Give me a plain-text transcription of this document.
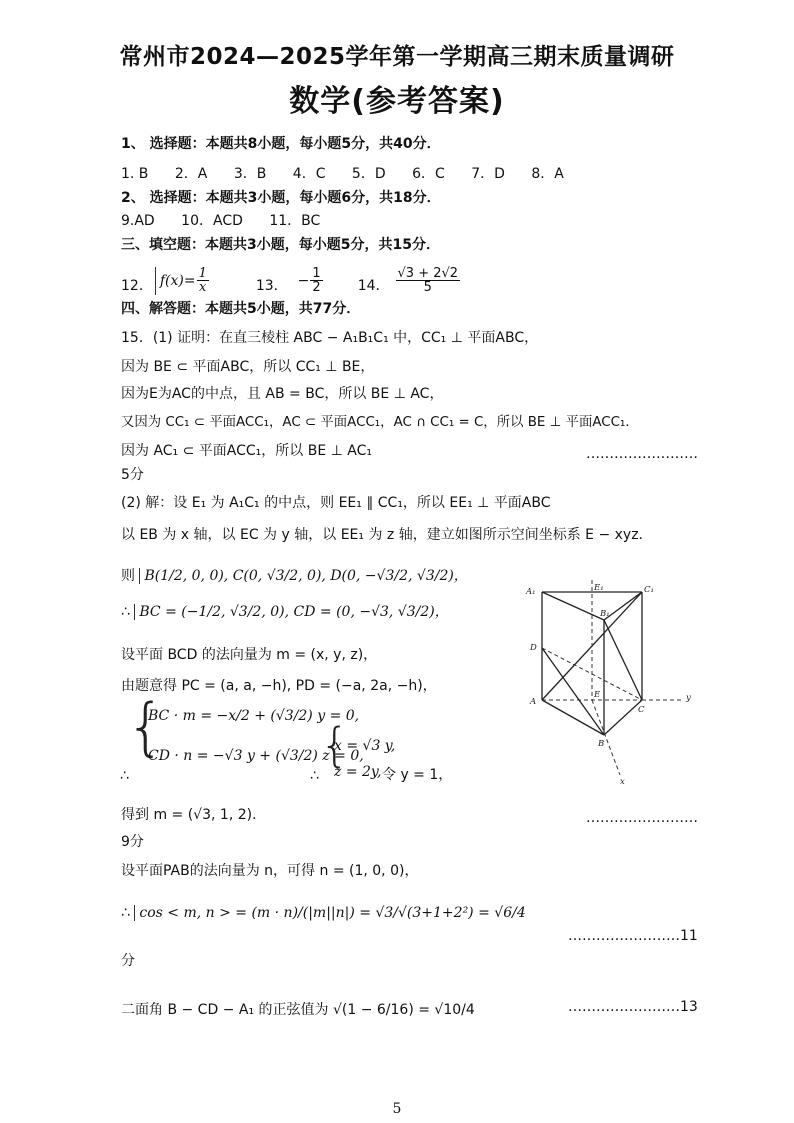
常州市2024—2025学年第一学期高三期末质量调研
数学(参考答案)
1、 选择题：本题共8小题，每小题5分，共40分．
1. B 2．A 3．B 4．C 5．D 6．C 7．D 8．A
2、 选择题：本题共3小题，每小题6分，共18分．
9.AD 10．ACD 11．BC
三、填空题：本题共3小题，每小题5分，共15分．
12． $f(x)= \frac{1}{x}$	13． − $\frac{1}{2}$	14． $\frac{√3 + 2√2}{5}$
四、解答题：本题共5小题，共77分．
15．(1) 证明：在直三棱柱 ABC − A₁B₁C₁ 中，CC₁ ⊥ 平面ABC，
因为 BE ⊂ 平面ABC，所以 CC₁ ⊥ BE，
因为E为AC的中点，且 AB = BC，所以 BE ⊥ AC，
又因为 CC₁ ⊂ 平面ACC₁，AC ⊂ 平面ACC₁，AC ∩ CC₁ = C，所以 BE ⊥ 平面ACC₁．
因为 AC₁ ⊂ 平面ACC₁，所以 BE ⊥ AC₁	……………………
5分
(2) 解：设 E₁ 为 A₁C₁ 的中点，则 EE₁ ∥ CC₁，所以 EE₁ ⊥ 平面ABC
以 EB 为 x 轴，以 EC 为 y 轴，以 EE₁ 为 z 轴，建立如图所示空间坐标系 E − xyz．
则 B(1/2, 0, 0), C(0, √3/2, 0), D(0, −√3/2, √3/2)，
∴ BC = (−1/2, √3/2, 0), CD = (0, −√3, √3/2)，
设平面 BCD 的法向量为 m = (x, y, z)，
由题意得 PC = (a, a, −h), PD = (−a, 2a, −h)，
{
BC · m = −x/2 + (√3/2) y = 0,
CD · n = −√3 y + (√3/2) z = 0,
∴
{
x = √3 y,
z = 2y,
∴	令 y = 1，
得到 m = (√3, 1, 2)．	……………………
9分
设平面PAB的法向量为 n，可得 n = (1, 0, 0)，
∴ cos < m, n > = (m · n)/(|m||n|) = √3/√(3+1+2²) = √6/4
……………………11
分
二面角 B − CD − A₁ 的正弦值为 √(1 − 6/16) = √10/4	……………………13
A₁	E₁	C₁
B₁
D
A
E
C
B
y
x
5
